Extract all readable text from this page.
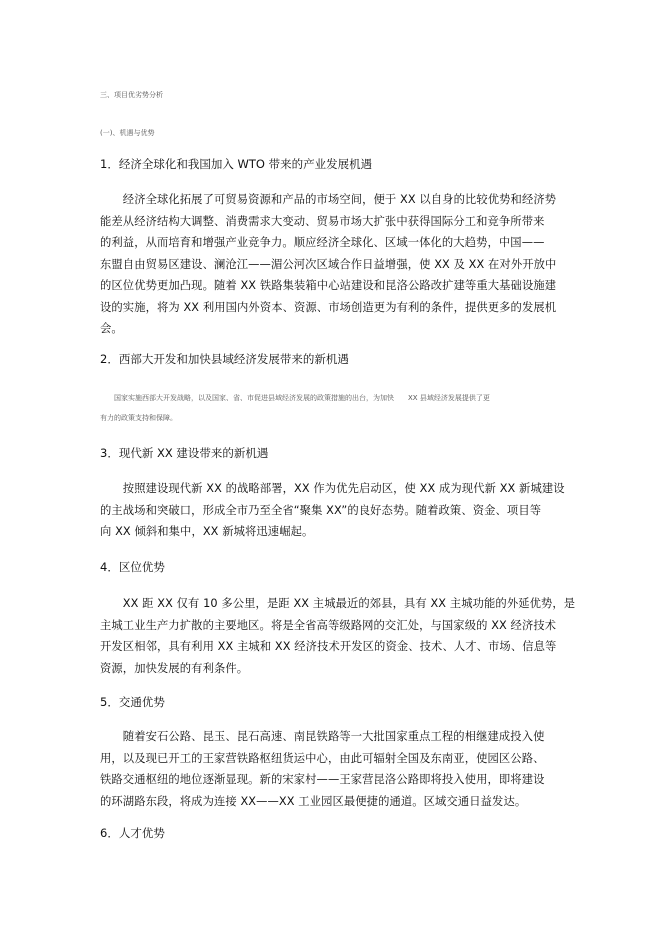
三、项目优劣势分析
(一)、机遇与优势
1．经济全球化和我国加入 WTO 带来的产业发展机遇
　　经济全球化拓展了可贸易资源和产品的市场空间，便于 XX 以自身的比较优势和经济势
能差从经济结构大调整、消费需求大变动、贸易市场大扩张中获得国际分工和竞争所带来
的利益，从而培育和增强产业竞争力。顺应经济全球化、区域一体化的大趋势，中国——
东盟自由贸易区建设、澜沧江——湄公河次区域合作日益增强，使 XX 及 XX 在对外开放中
的区位优势更加凸现。随着 XX 铁路集装箱中心站建设和昆洛公路改扩建等重大基础设施建
设的实施，将为 XX 利用国内外资本、资源、市场创造更为有利的条件，提供更多的发展机
会。
2．西部大开发和加快县域经济发展带来的新机遇
　　国家实施西部大开发战略，以及国家、省、市促进县域经济发展的政策措施的出台，为加快　　XX 县域经济发展提供了更
有力的政策支持和保障。
3．现代新 XX 建设带来的新机遇
　　按照建设现代新 XX 的战略部署，XX 作为优先启动区，使 XX 成为现代新 XX 新城建设
的主战场和突破口，形成全市乃至全省“聚集 XX”的良好态势。随着政策、资金、项目等
向 XX 倾斜和集中，XX 新城将迅速崛起。
4．区位优势
　　XX 距 XX 仅有 10 多公里，是距 XX 主城最近的郊县，具有 XX 主城功能的外延优势，是
主城工业生产力扩散的主要地区。将是全省高等级路网的交汇处，与国家级的 XX 经济技术
开发区相邻，具有利用 XX 主城和 XX 经济技术开发区的资金、技术、人才、市场、信息等
资源，加快发展的有利条件。
5．交通优势
　　随着安石公路、昆玉、昆石高速、南昆铁路等一大批国家重点工程的相继建成投入使
用，以及现已开工的王家营铁路枢纽货运中心，由此可辐射全国及东南亚，使园区公路、
铁路交通枢纽的地位逐渐显现。新的宋家村——王家营昆洛公路即将投入使用，即将建设
的环湖路东段，将成为连接 XX——XX 工业园区最便捷的通道。区域交通日益发达。
6．人才优势
